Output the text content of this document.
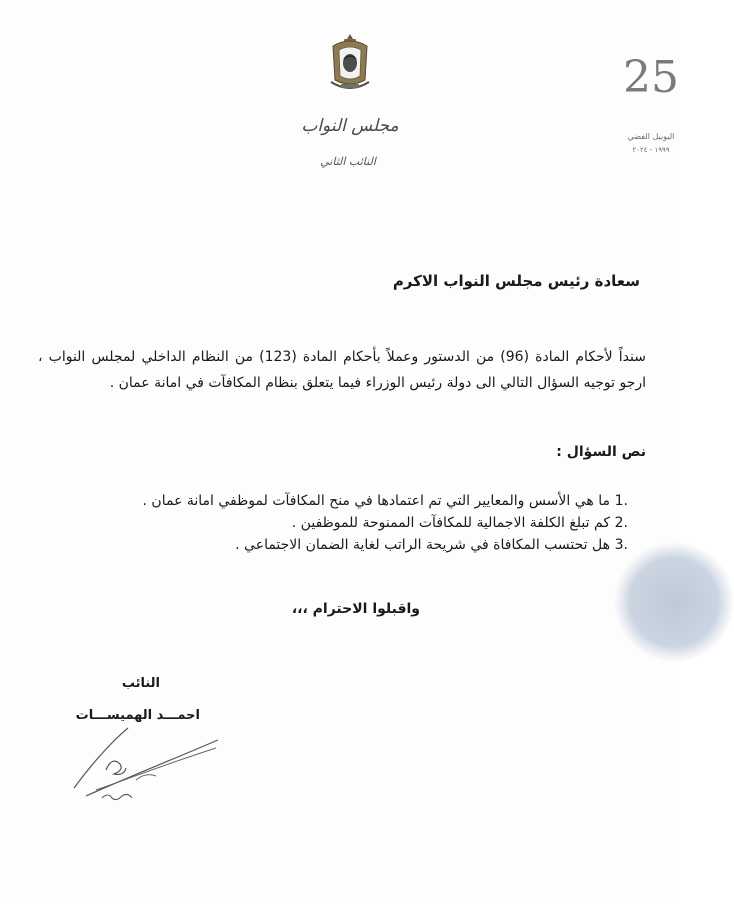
مجلس النواب
النائب الثاني
25
اليوبيل الفضي
١٩٩٩ - ٢٠٢٤
سعادة رئيس مجلس النواب الاكرم
سنداً لأحكام المادة (96) من الدستور وعملاً بأحكام المادة (123) من النظام الداخلي لمجلس النواب ، ارجو توجيه السؤال التالي الى دولة رئيس الوزراء فيما يتعلق بنظام المكافآت في امانة عمان .
نص السؤال :
1.
ما هي الأسس والمعايير التي تم اعتمادها في منح المكافآت لموظفي امانة عمان .
2.
كم تبلغ الكلفة الاجمالية للمكافآت الممنوحة للموظفين .
3.
هل تحتسب المكافاة في شريحة الراتب لغاية الضمان الاجتماعي .
واقبلوا الاحترام ،،،
النائب
احمـــد الهميســـات
